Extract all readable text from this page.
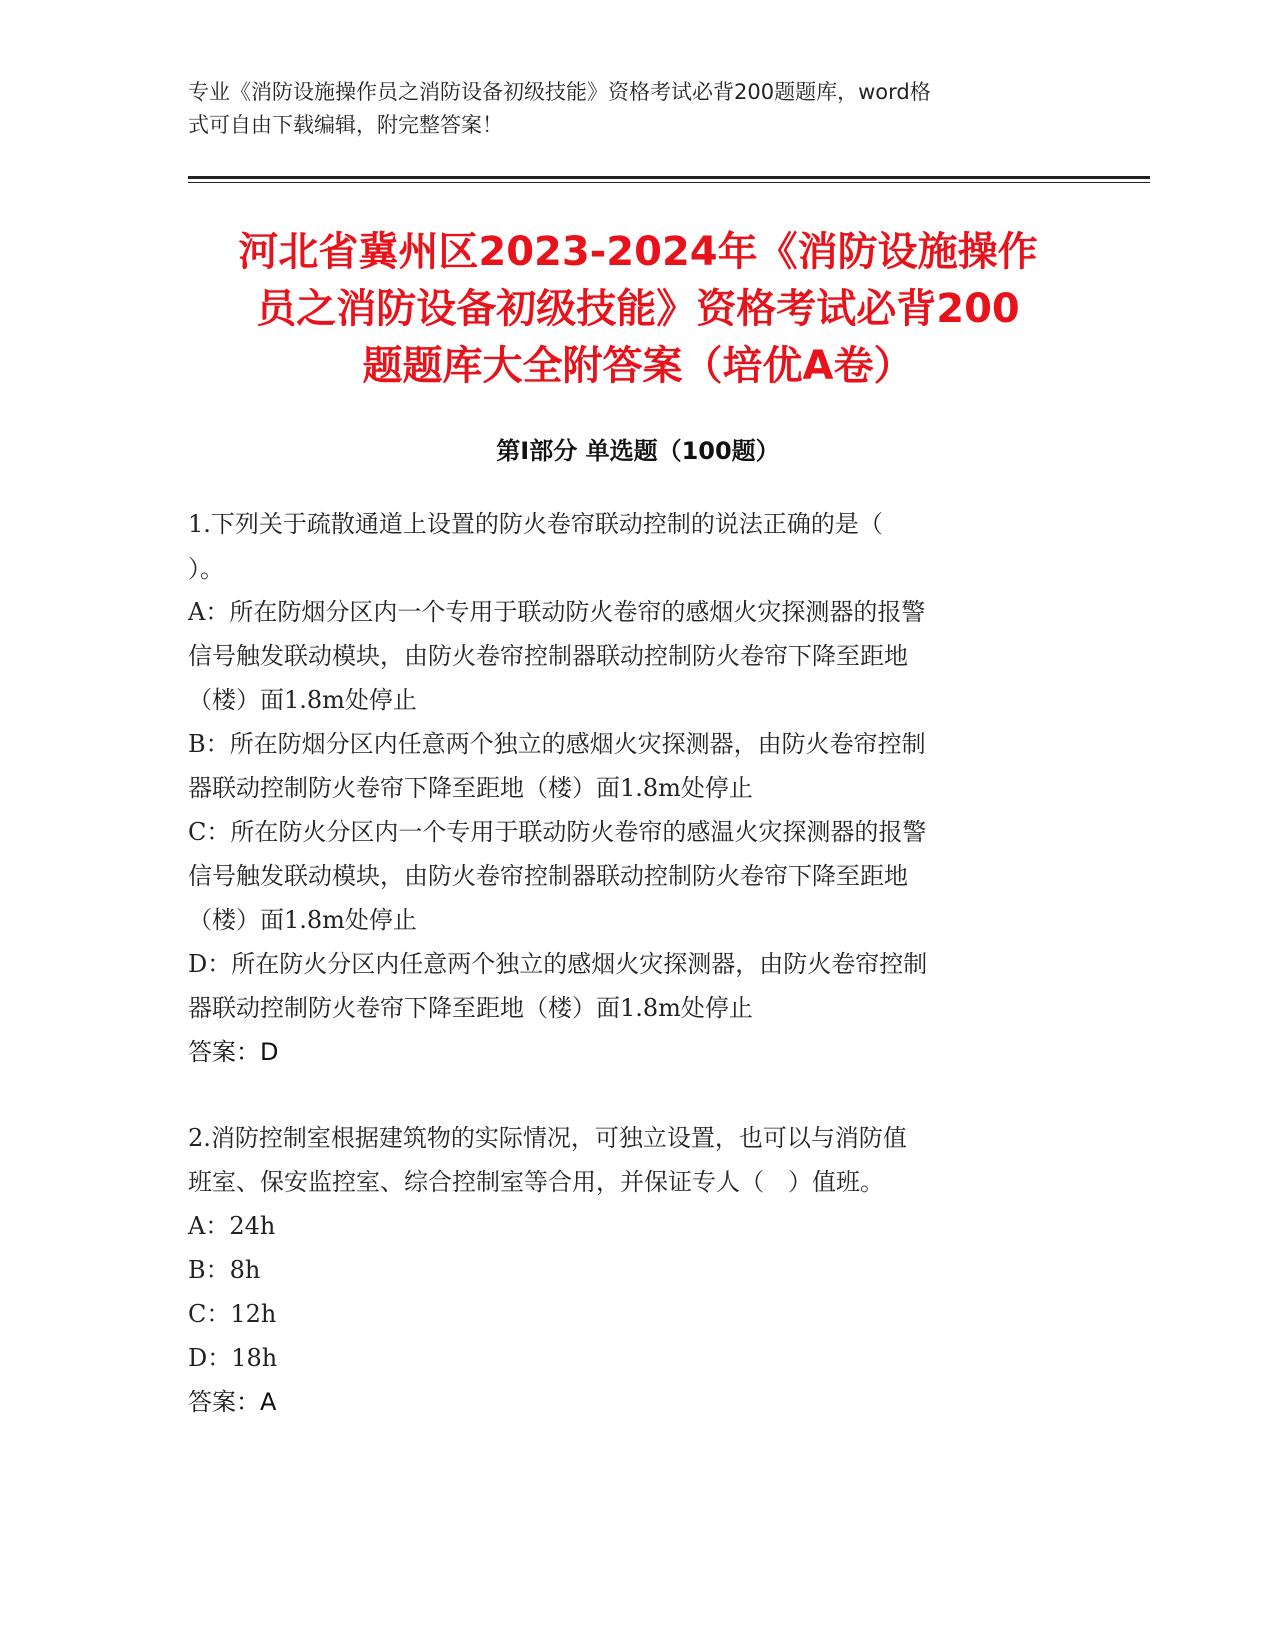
专业《消防设施操作员之消防设备初级技能》资格考试必背200题题库，word格
式可自由下载编辑，附完整答案！
河北省冀州区2023-2024年《消防设施操作
员之消防设备初级技能》资格考试必背200
题题库大全附答案（培优A卷）
第Ⅰ部分 单选题（100题）
1.下列关于疏散通道上设置的防火卷帘联动控制的说法正确的是（
）。
A：所在防烟分区内一个专用于联动防火卷帘的感烟火灾探测器的报警
信号触发联动模块，由防火卷帘控制器联动控制防火卷帘下降至距地
（楼）面1.8m处停止
B：所在防烟分区内任意两个独立的感烟火灾探测器，由防火卷帘控制
器联动控制防火卷帘下降至距地（楼）面1.8m处停止
C：所在防火分区内一个专用于联动防火卷帘的感温火灾探测器的报警
信号触发联动模块，由防火卷帘控制器联动控制防火卷帘下降至距地
（楼）面1.8m处停止
D：所在防火分区内任意两个独立的感烟火灾探测器，由防火卷帘控制
器联动控制防火卷帘下降至距地（楼）面1.8m处停止
答案：D
2.消防控制室根据建筑物的实际情况，可独立设置，也可以与消防值
班室、保安监控室、综合控制室等合用，并保证专人（　）值班。
A：24h
B：8h
C：12h
D：18h
答案：A
